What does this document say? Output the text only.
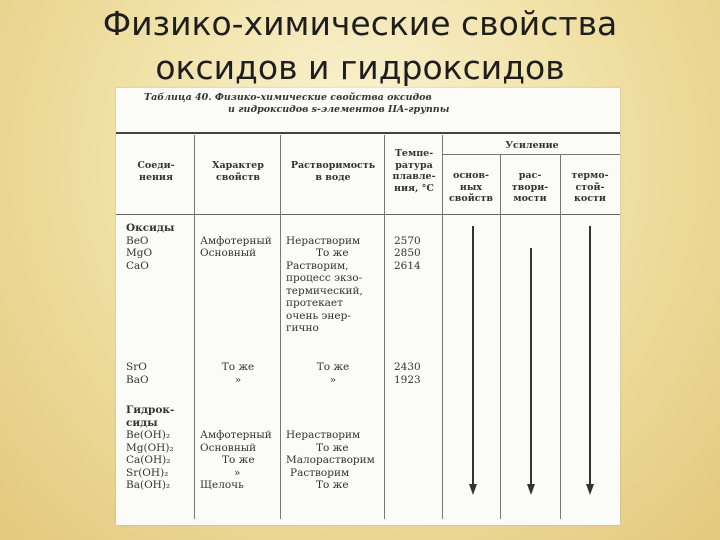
Физико-химические свойства
оксидов и гидроксидов
Таблица 40. Физико-химические свойства оксидов
и гидроксидов s-элементов IIA-группы
Соеди-
нения
Характер
свойств
Растворимость
в воде
Темпе-
ратура
плавле-
ния, °С
Усиление
основ-
ных
свойств
рас-
твори-
мости
термо-
стой-
кости
Оксиды
BeO
MgO
CaO
Амфотерный
Основный
Нерастворим
То же
Растворим,
процесс экзо-
термический,
протекает
очень энер-
гично
2570
2850
2614
SrO
BaO
То же
»
То же
»
2430
1923
Гидрок-
сиды
Be(OH)₂
Mg(OH)₂
Ca(OH)₂
Sr(OH)₂
Ba(OH)₂
Амфотерный
Основный
То же
»
Щелочь
Нерастворим
То же
Малорастворим
Растворим
То же
